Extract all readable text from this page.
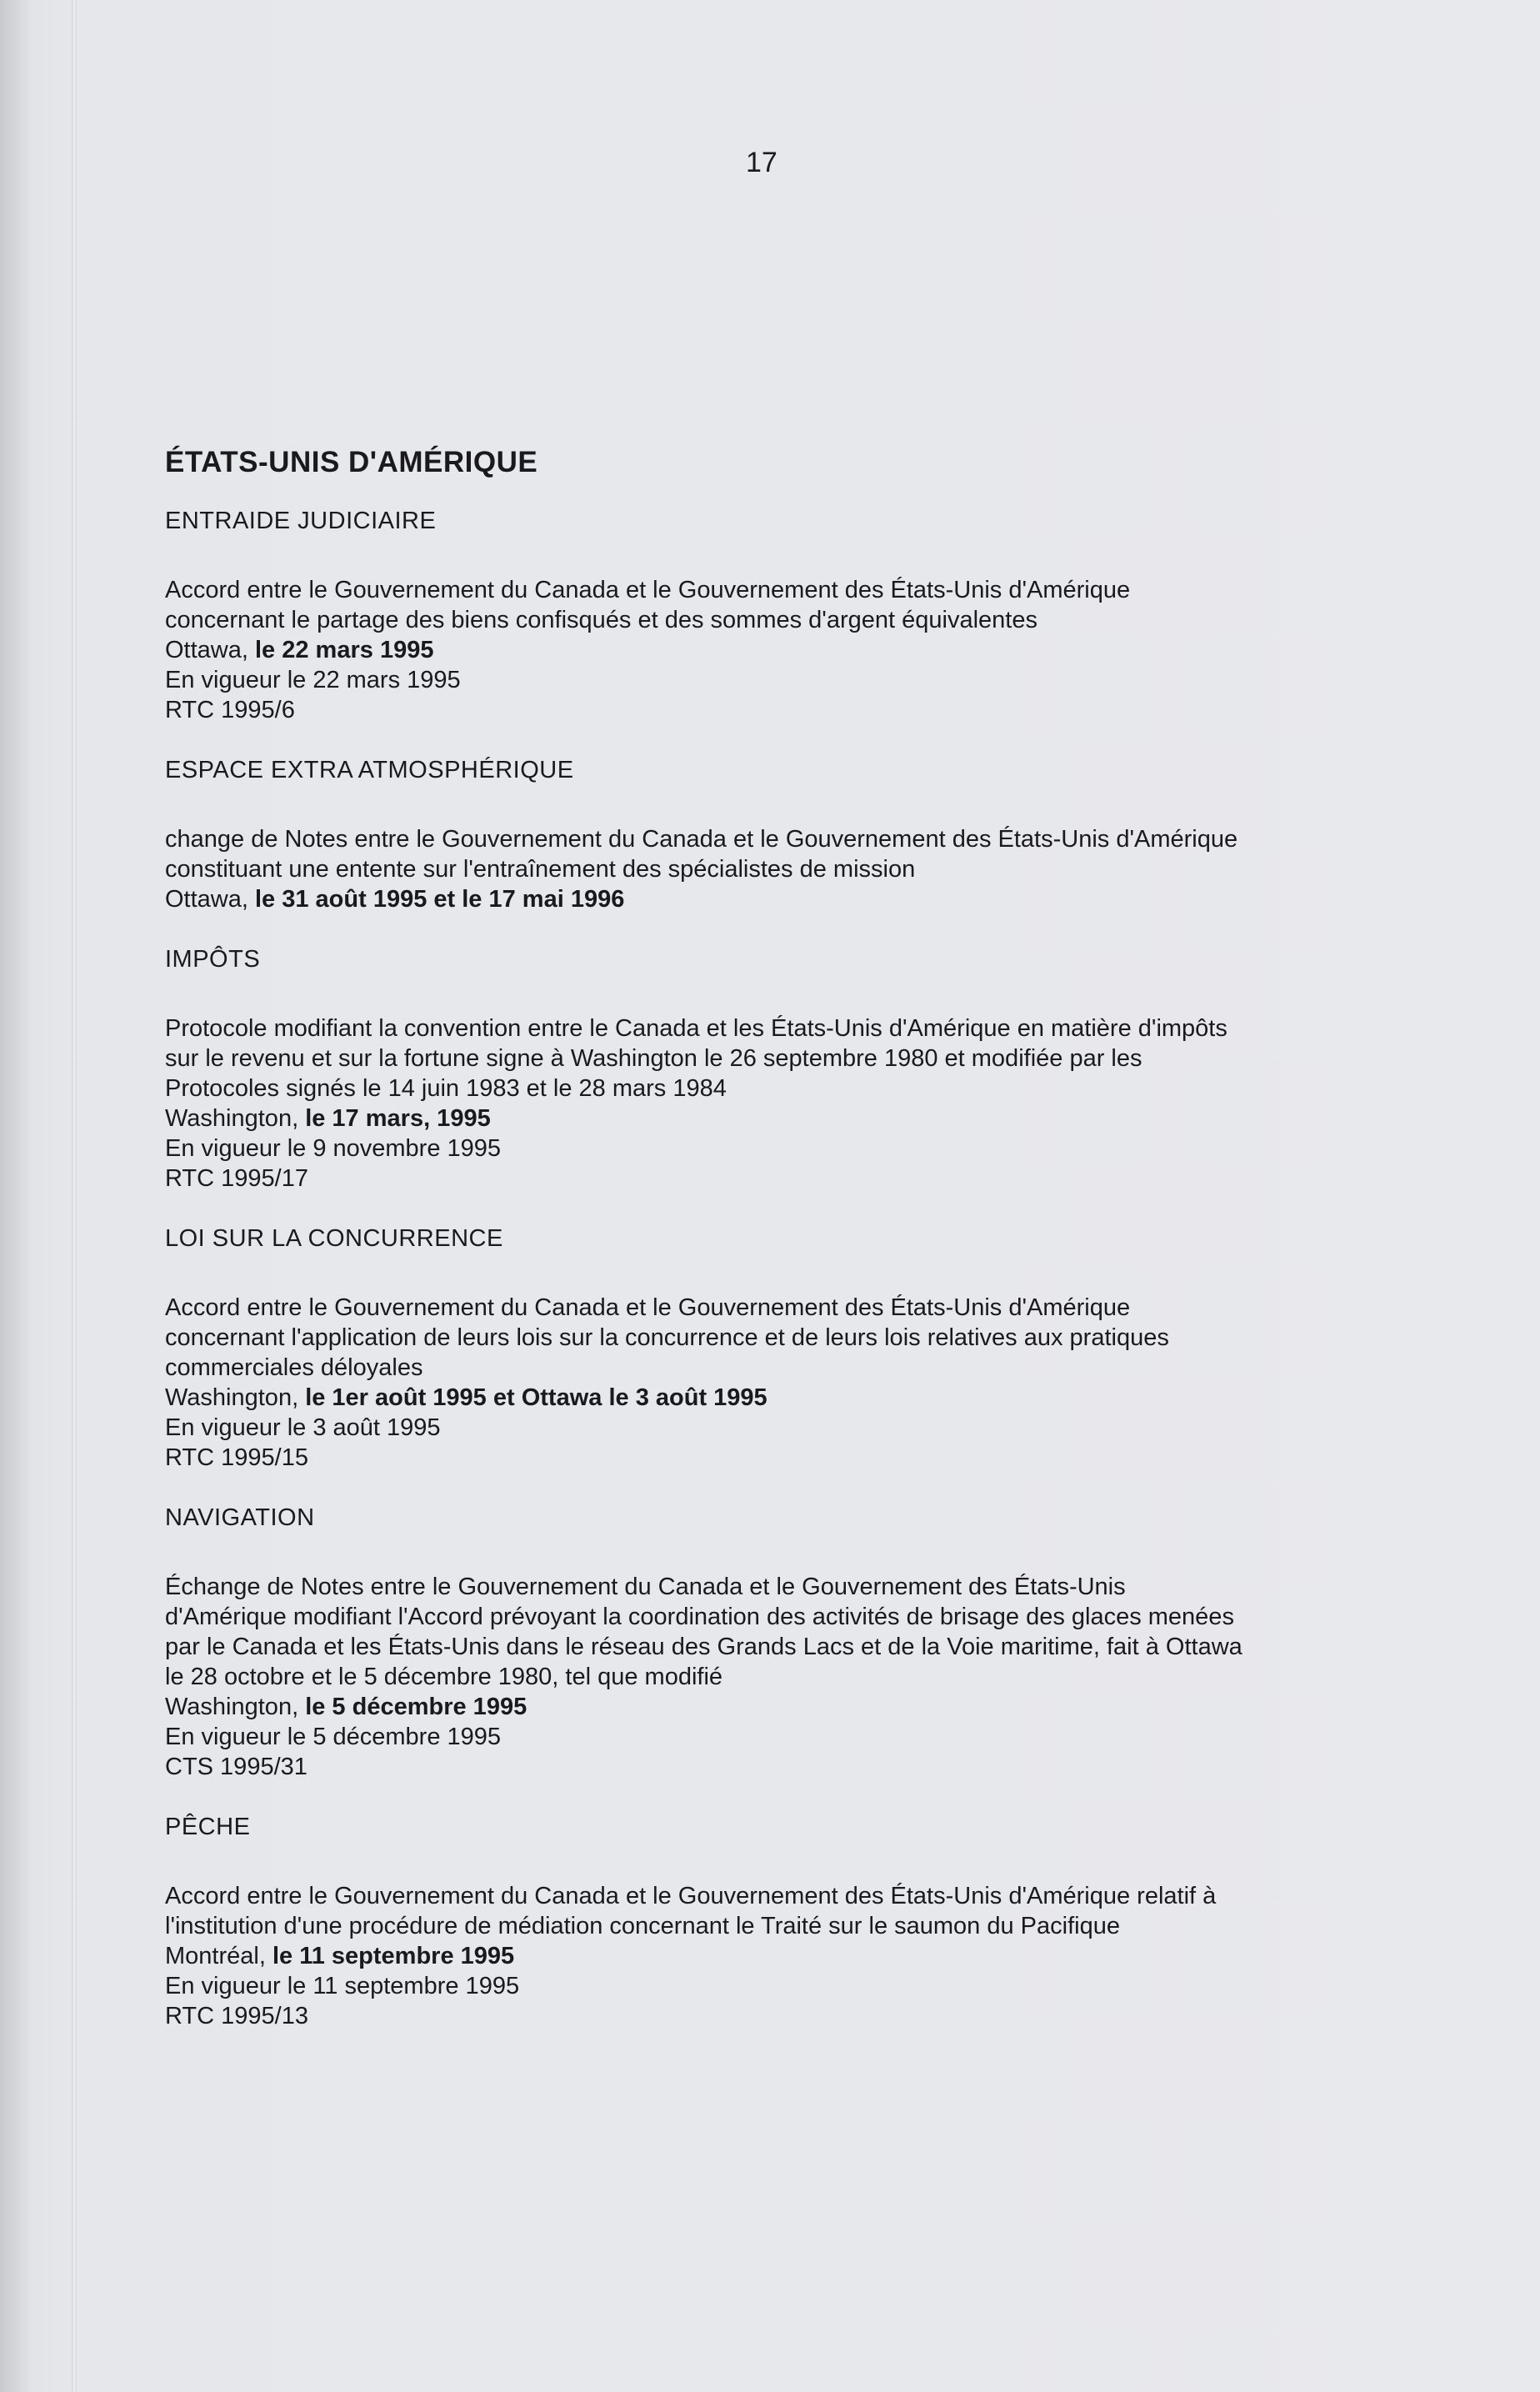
17
ÉTATS-UNIS D'AMÉRIQUE
ENTRAIDE JUDICIAIRE

Accord entre le Gouvernement du Canada et le Gouvernement des États-Unis d'Amérique

concernant le partage des biens confisqués et des sommes d'argent équivalentes

Ottawa, le 22 mars 1995

En vigueur le 22 mars 1995

RTC 1995/6

ESPACE EXTRA ATMOSPHÉRIQUE

change de Notes entre le Gouvernement du Canada et le Gouvernement des États-Unis d'Amérique

constituant une entente sur l'entraînement des spécialistes de mission

Ottawa, le 31 août 1995 et le 17 mai 1996

IMPÔTS

Protocole modifiant la convention entre le Canada et les États-Unis d'Amérique en matière d'impôts

sur le revenu et sur la fortune signe à Washington le 26 septembre 1980 et modifiée par les

Protocoles signés le 14 juin 1983 et le 28 mars 1984

Washington, le 17 mars, 1995

En vigueur le 9 novembre 1995

RTC 1995/17

LOI SUR LA CONCURRENCE

Accord entre le Gouvernement du Canada et le Gouvernement des États-Unis d'Amérique

concernant l'application de leurs lois sur la concurrence et de leurs lois relatives aux pratiques

commerciales déloyales

Washington, le 1er août 1995 et Ottawa le 3 août 1995

En vigueur le 3 août 1995

RTC 1995/15

NAVIGATION

Échange de Notes entre le Gouvernement du Canada et le Gouvernement des États-Unis

d'Amérique modifiant l'Accord prévoyant la coordination des activités de brisage des glaces menées

par le Canada et les États-Unis dans le réseau des Grands Lacs et de la Voie maritime, fait à Ottawa

le 28 octobre et le 5 décembre 1980, tel que modifié

Washington, le 5 décembre 1995

En vigueur le 5 décembre 1995

CTS 1995/31

PÊCHE

Accord entre le Gouvernement du Canada et le Gouvernement des États-Unis d'Amérique relatif à

l'institution d'une procédure de médiation concernant le Traité sur le saumon du Pacifique

Montréal, le 11 septembre 1995

En vigueur le 11 septembre 1995

RTC 1995/13
